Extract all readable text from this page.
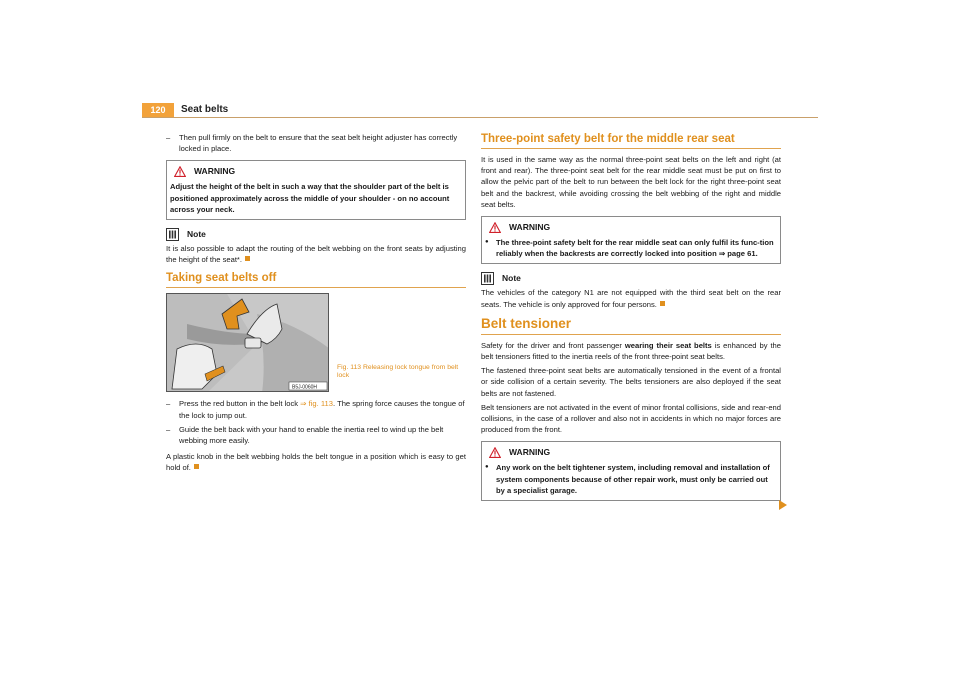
120	Seat belts
– Then pull firmly on the belt to ensure that the seat belt height adjuster has correctly locked in place.
WARNING
Adjust the height of the belt in such a way that the shoulder part of the belt is positioned approximately across the middle of your shoulder - on no account across your neck.
Note

It is also possible to adapt the routing of the belt webbing on the front seats by adjusting the height of the seat*.

Taking seat belts off
B5J-0060H
Fig. 113 Releasing lock tongue from belt lock
– Press the red button in the belt lock ⇒ fig. 113. The spring force causes the tongue of the lock to jump out.
– Guide the belt back with your hand to enable the inertia reel to wind up the belt webbing more easily.

A plastic knob in the belt webbing holds the belt tongue in a position which is easy to get hold of.

Three-point safety belt for the middle rear seat

It is used in the same way as the normal three-point seat belts on the left and right (at front and rear). The three-point seat belt for the rear middle seat must be put on first to allow the pelvic part of the belt to run between the belt lock for the right three-point seat belt and the backrest, while avoiding crossing the belt webbing of the right and middle seat belts.

WARNING
● The three-point safety belt for the rear middle seat can only fulfil its func-tion reliably when the backrests are correctly locked into position ⇒ page 61.
Note

The vehicles of the category N1 are not equipped with the third seat belt on the rear seats. The vehicle is only approved for four persons.

Belt tensioner

Safety for the driver and front passenger wearing their seat belts is enhanced by the belt tensioners fitted to the inertia reels of the front three-point seat belts.

The fastened three-point seat belts are automatically tensioned in the event of a frontal or side collision of a certain severity. The belts tensioners are also deployed if the seat belts are not fastened.

Belt tensioners are not activated in the event of minor frontal collisions, side and rear-end collisions, in the case of a rollover and also not in accidents in which no major forces are produced from the front.

WARNING
● Any work on the belt tightener system, including removal and installation of system components because of other repair work, must only be carried out by a specialist garage.
